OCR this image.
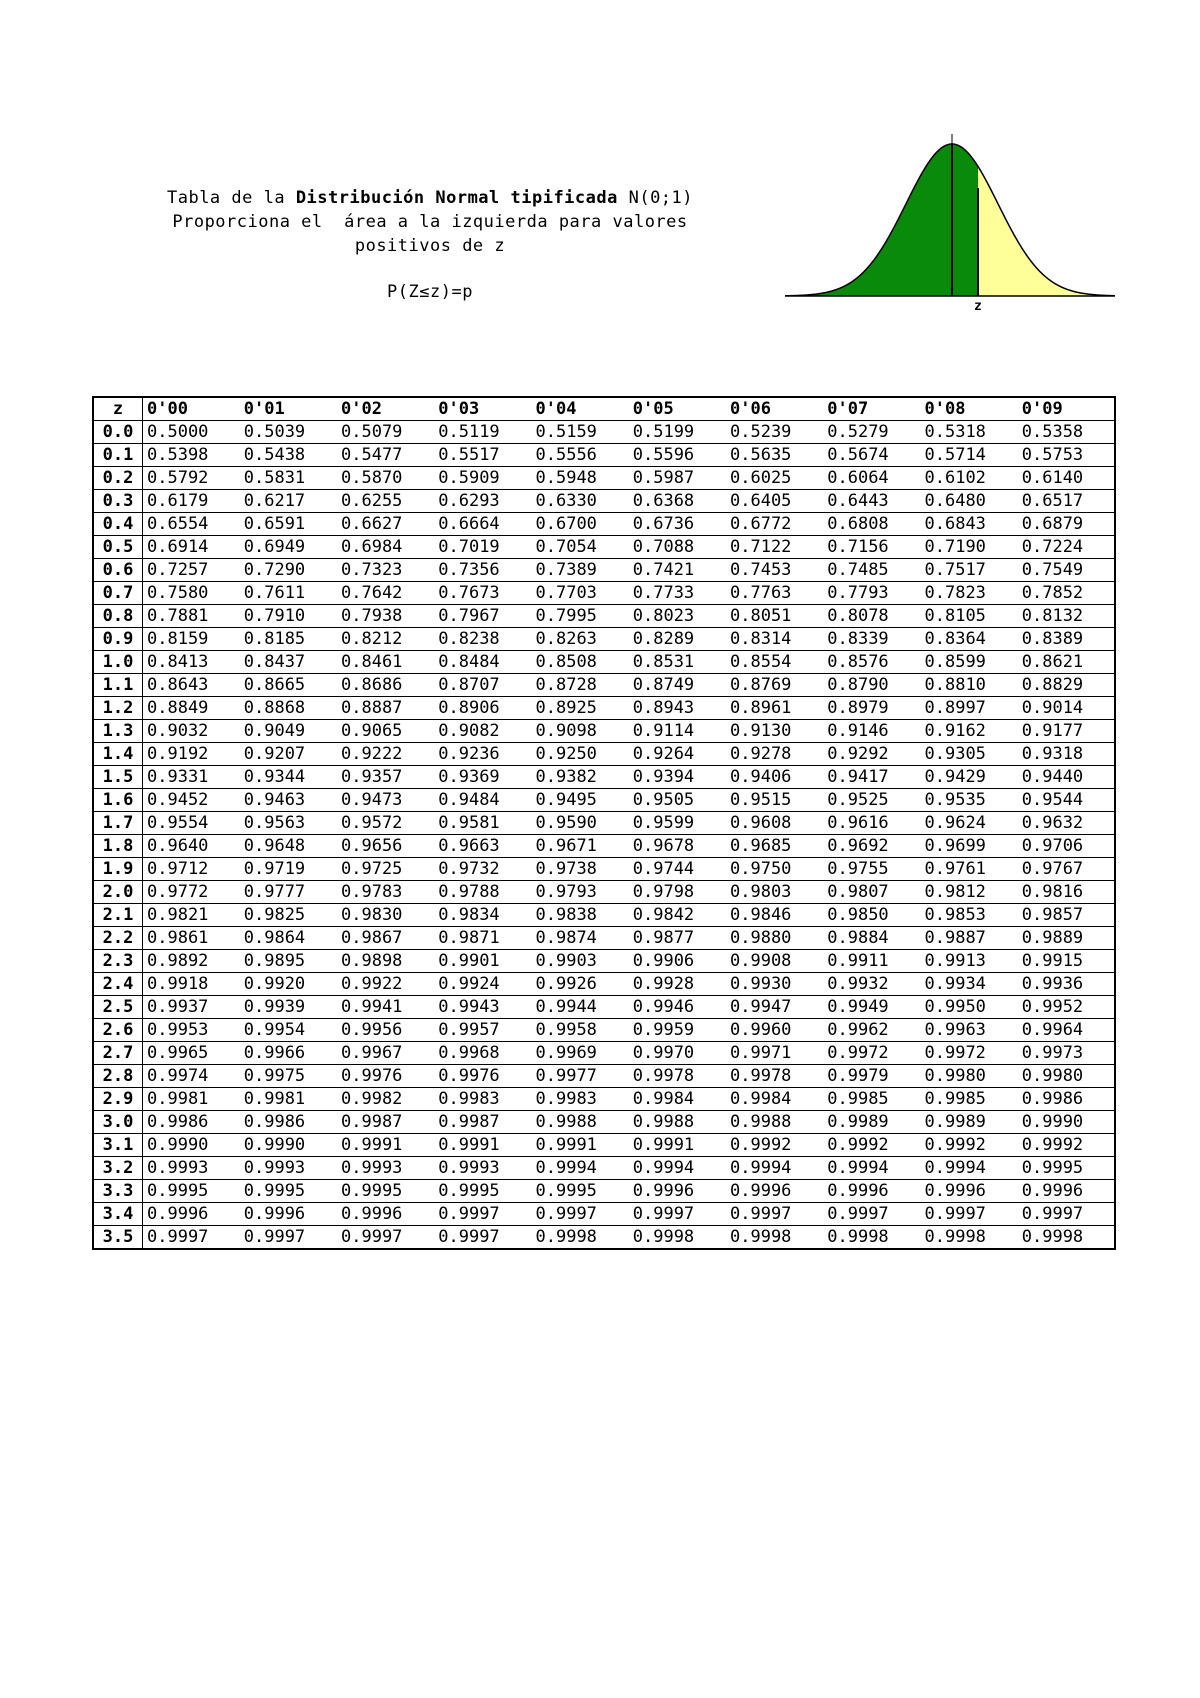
Tabla de la Distribución Normal tipificada N(0;1)
Proporciona el  área a la izquierda para valores
positivos de z
P(Z≤z)=p
z
z	0'00	0'01	0'02	0'03	0'04	0'05	0'06	0'07	0'08	0'09
0.0	0.5000	0.5039	0.5079	0.5119	0.5159	0.5199	0.5239	0.5279	0.5318	0.5358
0.1	0.5398	0.5438	0.5477	0.5517	0.5556	0.5596	0.5635	0.5674	0.5714	0.5753
0.2	0.5792	0.5831	0.5870	0.5909	0.5948	0.5987	0.6025	0.6064	0.6102	0.6140
0.3	0.6179	0.6217	0.6255	0.6293	0.6330	0.6368	0.6405	0.6443	0.6480	0.6517
0.4	0.6554	0.6591	0.6627	0.6664	0.6700	0.6736	0.6772	0.6808	0.6843	0.6879
0.5	0.6914	0.6949	0.6984	0.7019	0.7054	0.7088	0.7122	0.7156	0.7190	0.7224
0.6	0.7257	0.7290	0.7323	0.7356	0.7389	0.7421	0.7453	0.7485	0.7517	0.7549
0.7	0.7580	0.7611	0.7642	0.7673	0.7703	0.7733	0.7763	0.7793	0.7823	0.7852
0.8	0.7881	0.7910	0.7938	0.7967	0.7995	0.8023	0.8051	0.8078	0.8105	0.8132
0.9	0.8159	0.8185	0.8212	0.8238	0.8263	0.8289	0.8314	0.8339	0.8364	0.8389
1.0	0.8413	0.8437	0.8461	0.8484	0.8508	0.8531	0.8554	0.8576	0.8599	0.8621
1.1	0.8643	0.8665	0.8686	0.8707	0.8728	0.8749	0.8769	0.8790	0.8810	0.8829
1.2	0.8849	0.8868	0.8887	0.8906	0.8925	0.8943	0.8961	0.8979	0.8997	0.9014
1.3	0.9032	0.9049	0.9065	0.9082	0.9098	0.9114	0.9130	0.9146	0.9162	0.9177
1.4	0.9192	0.9207	0.9222	0.9236	0.9250	0.9264	0.9278	0.9292	0.9305	0.9318
1.5	0.9331	0.9344	0.9357	0.9369	0.9382	0.9394	0.9406	0.9417	0.9429	0.9440
1.6	0.9452	0.9463	0.9473	0.9484	0.9495	0.9505	0.9515	0.9525	0.9535	0.9544
1.7	0.9554	0.9563	0.9572	0.9581	0.9590	0.9599	0.9608	0.9616	0.9624	0.9632
1.8	0.9640	0.9648	0.9656	0.9663	0.9671	0.9678	0.9685	0.9692	0.9699	0.9706
1.9	0.9712	0.9719	0.9725	0.9732	0.9738	0.9744	0.9750	0.9755	0.9761	0.9767
2.0	0.9772	0.9777	0.9783	0.9788	0.9793	0.9798	0.9803	0.9807	0.9812	0.9816
2.1	0.9821	0.9825	0.9830	0.9834	0.9838	0.9842	0.9846	0.9850	0.9853	0.9857
2.2	0.9861	0.9864	0.9867	0.9871	0.9874	0.9877	0.9880	0.9884	0.9887	0.9889
2.3	0.9892	0.9895	0.9898	0.9901	0.9903	0.9906	0.9908	0.9911	0.9913	0.9915
2.4	0.9918	0.9920	0.9922	0.9924	0.9926	0.9928	0.9930	0.9932	0.9934	0.9936
2.5	0.9937	0.9939	0.9941	0.9943	0.9944	0.9946	0.9947	0.9949	0.9950	0.9952
2.6	0.9953	0.9954	0.9956	0.9957	0.9958	0.9959	0.9960	0.9962	0.9963	0.9964
2.7	0.9965	0.9966	0.9967	0.9968	0.9969	0.9970	0.9971	0.9972	0.9972	0.9973
2.8	0.9974	0.9975	0.9976	0.9976	0.9977	0.9978	0.9978	0.9979	0.9980	0.9980
2.9	0.9981	0.9981	0.9982	0.9983	0.9983	0.9984	0.9984	0.9985	0.9985	0.9986
3.0	0.9986	0.9986	0.9987	0.9987	0.9988	0.9988	0.9988	0.9989	0.9989	0.9990
3.1	0.9990	0.9990	0.9991	0.9991	0.9991	0.9991	0.9992	0.9992	0.9992	0.9992
3.2	0.9993	0.9993	0.9993	0.9993	0.9994	0.9994	0.9994	0.9994	0.9994	0.9995
3.3	0.9995	0.9995	0.9995	0.9995	0.9995	0.9996	0.9996	0.9996	0.9996	0.9996
3.4	0.9996	0.9996	0.9996	0.9997	0.9997	0.9997	0.9997	0.9997	0.9997	0.9997
3.5	0.9997	0.9997	0.9997	0.9997	0.9998	0.9998	0.9998	0.9998	0.9998	0.9998
